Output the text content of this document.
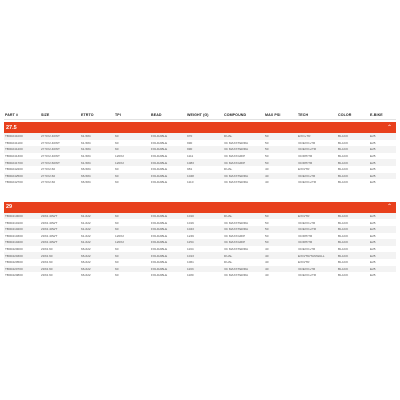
PART #	SIZE	ETRTO	TPI	BEAD	WEIGHT (G)	COMPOUND	MAX PSI	TECH	COLOR	E-BIKE
27.5	⌃
TB00241000	27.5X2.40WT	61-584	60	FOLDABLE	970	DUAL	50	EXO+TR	BLACK	E25
TB00241100	27.5X2.40WT	61-584	60	FOLDABLE	990	3C MAXXTERRA	50	3C/EXO+TR	BLACK	E25
TB00241200	27.5X2.40WT	61-584	60	FOLDABLE	990	3C MAXXTERRA	50	3C/EXO+/TR	BLACK	E25
TB00241300	27.5X2.40WT	61-584	120X2	FOLDABLE	1111	3C MAXXGRIP	50	3C/DH/TR	BLACK	E25
TB00241700	27.5X2.60WT	61-584	120X2	FOLDABLE	1083	3C MAXXGRIP	50	3C/DH/TR	BLACK	E25
TB00242200	27.5X2.60	66-584	60	FOLDABLE	981	DUAL	40	EXO/TR	BLACK	E25
TB00242500	27.5X2.60	66-584	60	FOLDABLE	1048	3C MAXXTERRA	40	3C/EXO+TR	BLACK	E25
TB00242700	27.5X2.60	66-584	60	FOLDABLE	1110	3C MAXXTERRA	40	3C/EXO+/TR	BLACK	E25
29	⌃
TB00410000	29X2.40WT	61-622	60	FOLDABLE	1010	DUAL	50	EXO/TR	BLACK	E25
TB00410100	29X2.40WT	61-622	60	FOLDABLE	1016	3C MAXXTERRA	50	3C/EXO+TR	BLACK	E25
TB00410200	29X2.40WT	61-622	60	FOLDABLE	1043	3C MAXXTERRA	50	3C/EXO+/TR	BLACK	E25
TB00410300	29X2.40WT	61-622	120X2	FOLDABLE	1249	3C MAXXGRIP	50	3C/DH/TR	BLACK	E25
TB00410400	29X2.40WT	61-622	120X2	FOLDABLE	1154	3C MAXXGRIP	50	3C/DH/TR	BLACK	E25
TB00420000	29X2.60	66-622	60	FOLDABLE	1164	3C MAXXTERRA	40	3C/EXO+TR	BLACK	E25
TB00420300	29X2.60	66-622	60	FOLDABLE	1013	DUAL	40	EXO/TR/TANWALL	BLACK	E25
TB00420500	29X2.60	66-622	60	FOLDABLE	1061	DUAL	40	EXO/TR	BLACK	E25
TB00420700	29X2.60	66-622	60	FOLDABLE	1163	3C MAXXTERRA	40	3C/EXO+TR	BLACK	E25
TB00420800	29X2.60	66-622	60	FOLDABLE	1180	3C MAXXTERRA	40	3C/EXO+/TR	BLACK	E25
